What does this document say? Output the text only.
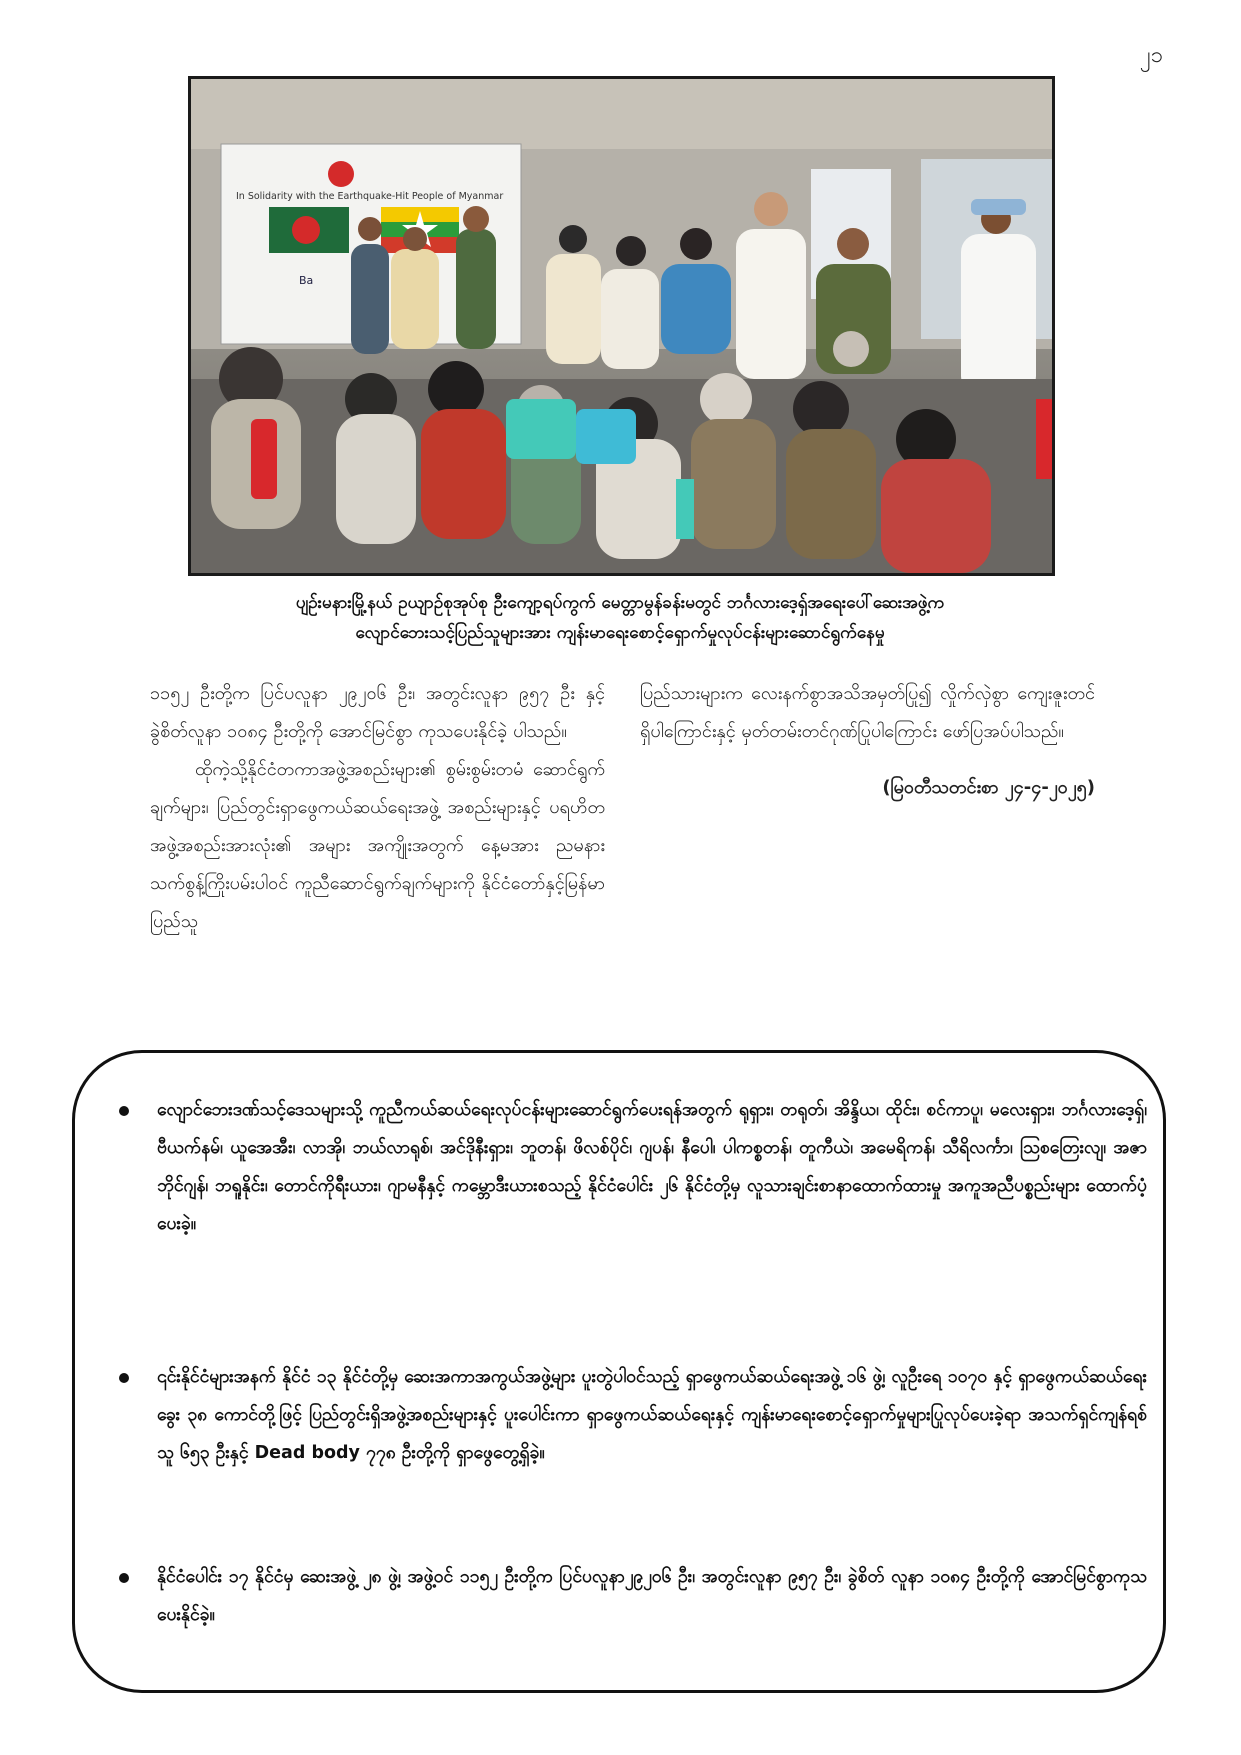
၂၁
In Solidarity with the Earthquake-Hit People of Myanmar
Ba
ပျဉ်းမနားမြို့နယ် ဥယျာဉ်စုအုပ်စု ဦးကျော့ရပ်ကွက် မေတ္တာမွန်ခန်းမတွင် ဘင်္ဂလားဒေ့ရှ်အရေးပေါ်ဆေးအဖွဲ့က
လျောင်ဘေးသင့်ပြည်သူများအား ကျန်းမာရေးစောင့်ရှောက်မှုလုပ်ငန်းများဆောင်ရွက်နေမှု

၁၁၅၂ ဦးတို့က ပြင်ပလူနာ ၂၉၂၀၆ ဦး၊ အတွင်းလူနာ ၉၅၇ ဦး နှင့် ခွဲစိတ်လူနာ ၁၀၈၄ ဦးတို့ကို အောင်မြင်စွာ ကုသပေးနိုင်ခဲ့ ပါသည်။

ထိုကဲ့သို့နိုင်ငံတကာအဖွဲ့အစည်းများ၏ စွမ်းစွမ်းတမံ ဆောင်ရွက်ချက်များ၊ ပြည်တွင်းရှာဖွေကယ်ဆယ်ရေးအဖွဲ့ အစည်းများနှင့် ပရဟိတအဖွဲ့အစည်းအားလုံး၏ အများ အကျိုးအတွက် နေ့မအား ညမနား သက်စွန့်ကြိုးပမ်းပါဝင် ကူညီဆောင်ရွက်ချက်များကို နိုင်ငံတော်နှင့်မြန်မာပြည်သူ

ပြည်သားများက လေးနက်စွာအသိအမှတ်ပြု၍ လှိုက်လှဲစွာ ကျေးဇူးတင်ရှိပါကြောင်းနှင့် မှတ်တမ်းတင်ဂုဏ်ပြုပါကြောင်း ဖော်ပြအပ်ပါသည်။

(မြဝတီသတင်းစာ ၂၄-၄-၂၀၂၅)

လျောင်ဘေးဒဏ်သင့်ဒေသများသို့ ကူညီကယ်ဆယ်ရေးလုပ်ငန်းများဆောင်ရွက်ပေးရန်အတွက် ရုရှား၊ တရုတ်၊ အိန္ဒိယ၊ ထိုင်း၊ စင်ကာပူ၊ မလေးရှား၊ ဘင်္ဂလားဒေ့ရှ်၊ ဗီယက်နမ်၊ ယူအေအီး၊ လာအို၊ ဘယ်လာရုစ်၊ အင်ဒိုနီးရှား၊ ဘူတန်၊ ဖိလစ်ပိုင်၊ ဂျပန်၊ နီပေါ၊ ပါကစ္စတန်၊ တူကီယဲ၊ အမေရိကန်၊ သီရိလင်္ကာ၊ ဩစတြေးလျ၊ အဇာဘိုင်ဂျန်၊ ဘရူနိုင်း၊ တောင်ကိုရီးယား၊ ဂျာမနီနှင့် ကမ္ဘောဒီးယားစသည့် နိုင်ငံပေါင်း ၂၆ နိုင်ငံတို့မှ လူသားချင်းစာနာထောက်ထားမှု အကူအညီပစ္စည်းများ ထောက်ပံ့ပေးခဲ့။
၎င်းနိုင်ငံများအနက် နိုင်ငံ ၁၃ နိုင်ငံတို့မှ ဆေးအကာအကွယ်အဖွဲ့များ ပူးတွဲပါဝင်သည့် ရှာဖွေကယ်ဆယ်ရေးအဖွဲ့ ၁၆ ဖွဲ့၊ လူဦးရေ ၁၀၇၀ နှင့် ရှာဖွေကယ်ဆယ်ရေးခွေး ၃၈ ကောင်တို့ဖြင့် ပြည်တွင်းရှိအဖွဲ့အစည်းများနှင့် ပူးပေါင်းကာ ရှာဖွေကယ်ဆယ်ရေးနှင့် ကျန်းမာရေးစောင့်ရှောက်မှုများပြုလုပ်ပေးခဲ့ရာ အသက်ရှင်ကျန်ရစ်သူ ၆၅၃ ဦးနှင့် Dead body ၇၇၈ ဦးတို့ကို ရှာဖွေတွေ့ရှိခဲ့။
နိုင်ငံပေါင်း ၁၇ နိုင်ငံမှ ဆေးအဖွဲ့ ၂၈ ဖွဲ့၊ အဖွဲ့ဝင် ၁၁၅၂ ဦးတို့က ပြင်ပလူနာ၂၉၂၀၆ ဦး၊ အတွင်းလူနာ ၉၅၇ ဦး၊ ခွဲစိတ် လူနာ ၁၀၈၄ ဦးတို့ကို အောင်မြင်စွာကုသပေးနိုင်ခဲ့။
